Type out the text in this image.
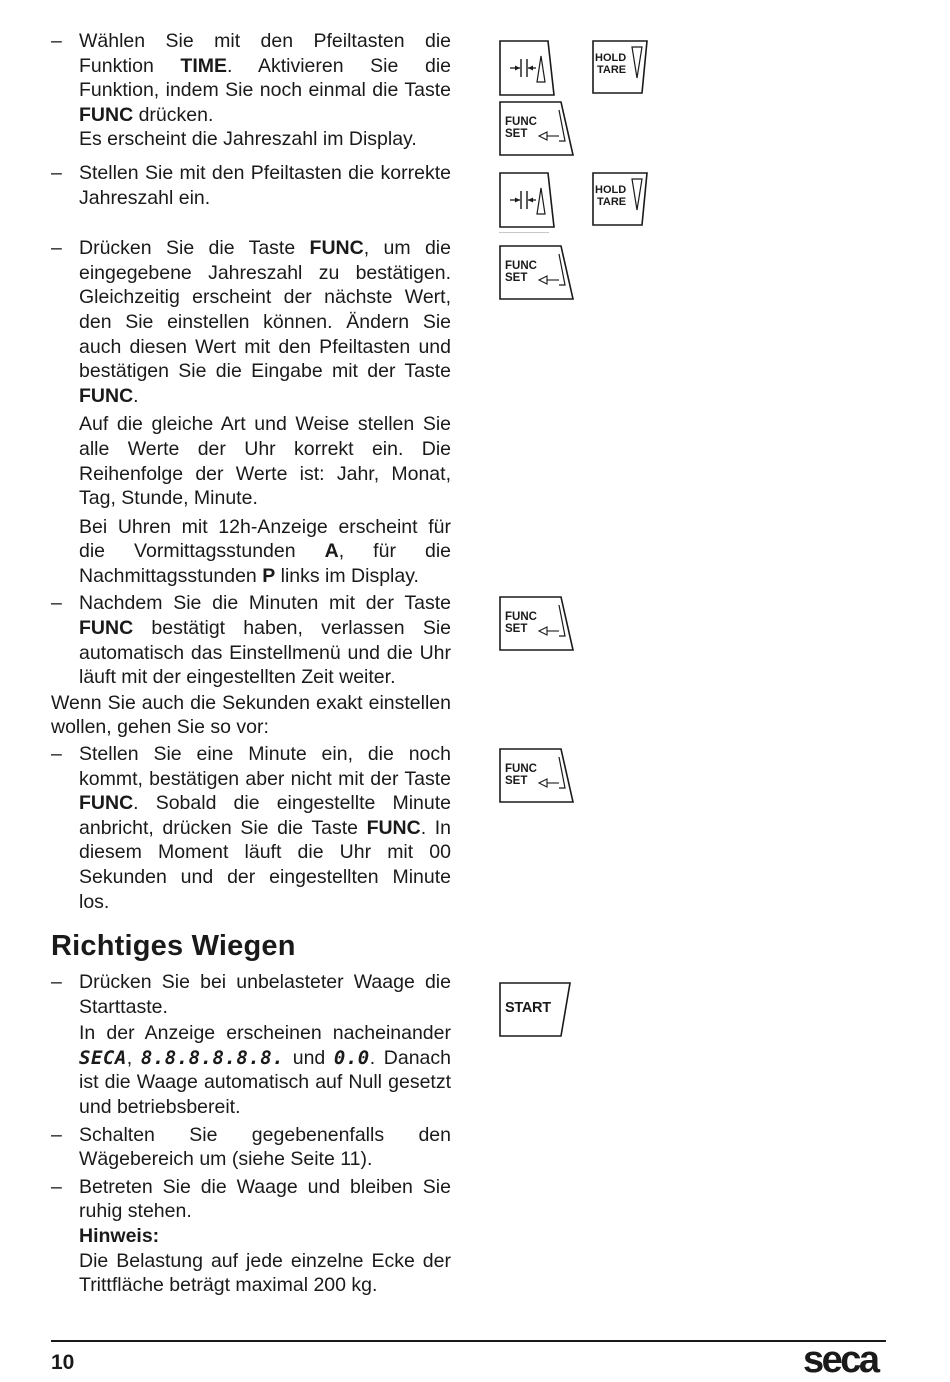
– Wählen Sie mit den Pfeiltasten die Funktion TIME. Aktivieren Sie die Funktion, indem Sie noch einmal die Taste FUNC drücken.
Es erscheint die Jahreszahl im Display.
– Stellen Sie mit den Pfeiltasten die korrekte Jahreszahl ein.
– Drücken Sie die Taste FUNC, um die eingegebene Jahreszahl zu bestätigen. Gleichzeitig erscheint der nächste Wert, den Sie einstellen können. Ändern Sie auch diesen Wert mit den Pfeiltasten und bestätigen Sie die Eingabe mit der Taste FUNC.

Auf die gleiche Art und Weise stellen Sie alle Werte der Uhr korrekt ein. Die Reihenfolge der Werte ist: Jahr, Monat, Tag, Stunde, Minute.

Bei Uhren mit 12h-Anzeige erscheint für die Vormittagsstunden A, für die Nachmittagsstunden P links im Display.

– Nachdem Sie die Minuten mit der Taste FUNC bestätigt haben, verlassen Sie automatisch das Einstellmenü und die Uhr läuft mit der eingestellten Zeit weiter.

Wenn Sie auch die Sekunden exakt einstellen wollen, gehen Sie so vor:

– Stellen Sie eine Minute ein, die noch kommt, bestätigen aber nicht mit der Taste FUNC. Sobald die eingestellte Minute anbricht, drücken Sie die Taste FUNC. In diesem Moment läuft die Uhr mit 00 Sekunden und der eingestellten Minute los.
Richtiges Wiegen
– Drücken Sie bei unbelasteter Waage die Starttaste.

In der Anzeige erscheinen nacheinander SECA, 8.8.8.8.8.8. und 0.0. Danach ist die Waage automatisch auf Null gesetzt und betriebsbereit.

– Schalten Sie gegebenenfalls den Wägebereich um (siehe Seite 11).
– Betreten Sie die Waage und bleiben Sie ruhig stehen.
Hinweis:
Die Belastung auf jede einzelne Ecke der Trittfläche beträgt maximal 200 kg.
HOLD
TARE
FUNC
SET
HOLD
TARE
FUNC
SET
FUNC
SET
FUNC
SET
START
10	seca
